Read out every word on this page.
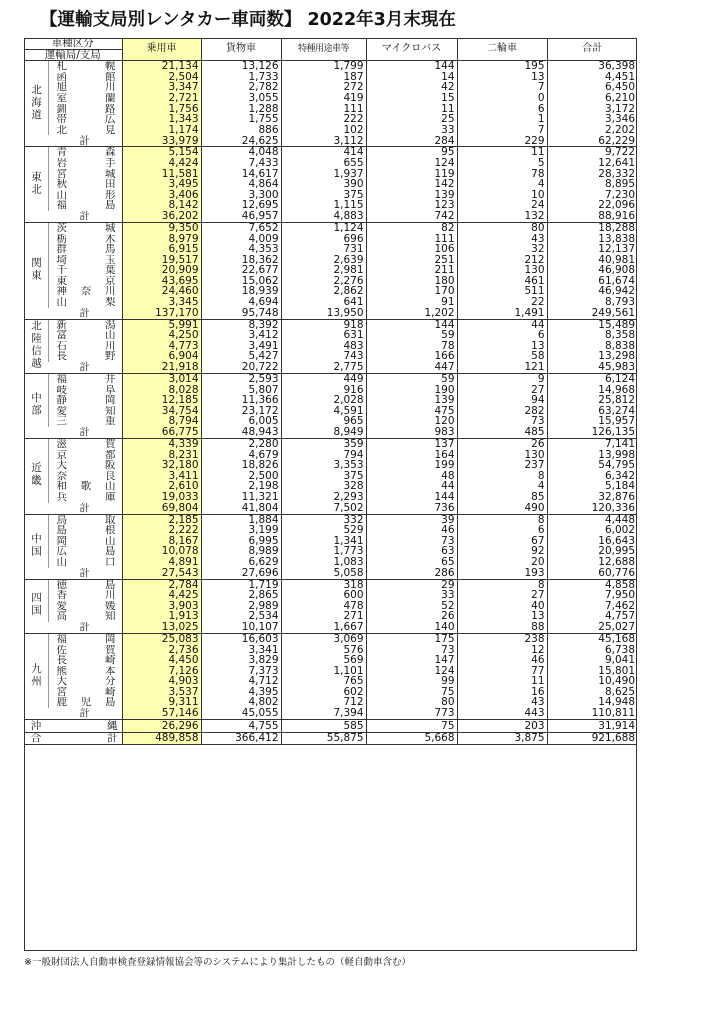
【運輸支局別レンタカー車両数】 2022年3月末現在
車種区分
運輸局/支局		乗用車	貨物車	特種用途車等	マイクロバス	二輪車	合計
北海道	札 幌	21,134	13,126	1,799	144	195	36,398

	函 館	2,504	1,733	187	14	13	4,451

	旭 川	3,347	2,782	272	42	7	6,450

	室 蘭	2,721	3,055	419	15	0	6,210

	釧 路	1,756	1,288	111	11	6	3,172

	帯 広	1,343	1,755	222	25	1	3,346

	北 見	1,174	886	102	33	7	2,202
	計	33,979	24,625	3,112	284	229	62,229
東北	青 森	5,154	4,048	414	95	11	9,722

	岩 手	4,424	7,433	655	124	5	12,641

	宮 城	11,581	14,617	1,937	119	78	28,332

	秋 田	3,495	4,864	390	142	4	8,895

	山 形	3,406	3,300	375	139	10	7,230

	福 島	8,142	12,695	1,115	123	24	22,096
	計	36,202	46,957	4,883	742	132	88,916
関東	茨 城	9,350	7,652	1,124	82	80	18,288

	栃 木	8,979	4,009	696	111	43	13,838

	群 馬	6,915	4,353	731	106	32	12,137

	埼 玉	19,517	18,362	2,639	251	212	40,981

	千 葉	20,909	22,677	2,981	211	130	46,908

	東 京	43,695	15,062	2,276	180	461	61,674

	神 奈 川	24,460	18,939	2,862	170	511	46,942

	山 梨	3,345	4,694	641	91	22	8,793
	計	137,170	95,748	13,950	1,202	1,491	249,561
北陸信越	新 潟	5,991	8,392	918	144	44	15,489

	富 山	4,250	3,412	631	59	6	8,358

	石 川	4,773	3,491	483	78	13	8,838

	長 野	6,904	5,427	743	166	58	13,298
	計	21,918	20,722	2,775	447	121	45,983
中部	福 井	3,014	2,593	449	59	9	6,124

	岐 阜	8,028	5,807	916	190	27	14,968

	静 岡	12,185	11,366	2,028	139	94	25,812

	愛 知	34,754	23,172	4,591	475	282	63,274

	三 重	8,794	6,005	965	120	73	15,957
	計	66,775	48,943	8,949	983	485	126,135
近畿	滋 賀	4,339	2,280	359	137	26	7,141

	京 都	8,231	4,679	794	164	130	13,998

	大 阪	32,180	18,826	3,353	199	237	54,795

	奈 良	3,411	2,500	375	48	8	6,342

	和 歌 山	2,610	2,198	328	44	4	5,184

	兵 庫	19,033	11,321	2,293	144	85	32,876
	計	69,804	41,804	7,502	736	490	120,336
中国	鳥 取	2,185	1,884	332	39	8	4,448

	島 根	2,222	3,199	529	46	6	6,002

	岡 山	8,167	6,995	1,341	73	67	16,643

	広 島	10,078	8,989	1,773	63	92	20,995

	山 口	4,891	6,629	1,083	65	20	12,688
	計	27,543	27,696	5,058	286	193	60,776
四国	徳 島	2,784	1,719	318	29	8	4,858

	香 川	4,425	2,865	600	33	27	7,950

	愛 媛	3,903	2,989	478	52	40	7,462

	高 知	1,913	2,534	271	26	13	4,757
	計	13,025	10,107	1,667	140	88	25,027
九州	福 岡	25,083	16,603	3,069	175	238	45,168

	佐 賀	2,736	3,341	576	73	12	6,738

	長 崎	4,450	3,829	569	147	46	9,041

	熊 本	7,126	7,373	1,101	124	77	15,801

	大 分	4,903	4,712	765	99	11	10,490

	宮 崎	3,537	4,395	602	75	16	8,625

	鹿 児 島	9,311	4,802	712	80	43	14,948
	計	57,146	45,055	7,394	773	443	110,811
沖	縄	26,296	4,755	585	75	203	31,914
合	計	489,858	366,412	55,875	5,668	3,875	921,688
※一般財団法人自動車検査登録情報協会等のシステムにより集計したもの（軽自動車含む）
